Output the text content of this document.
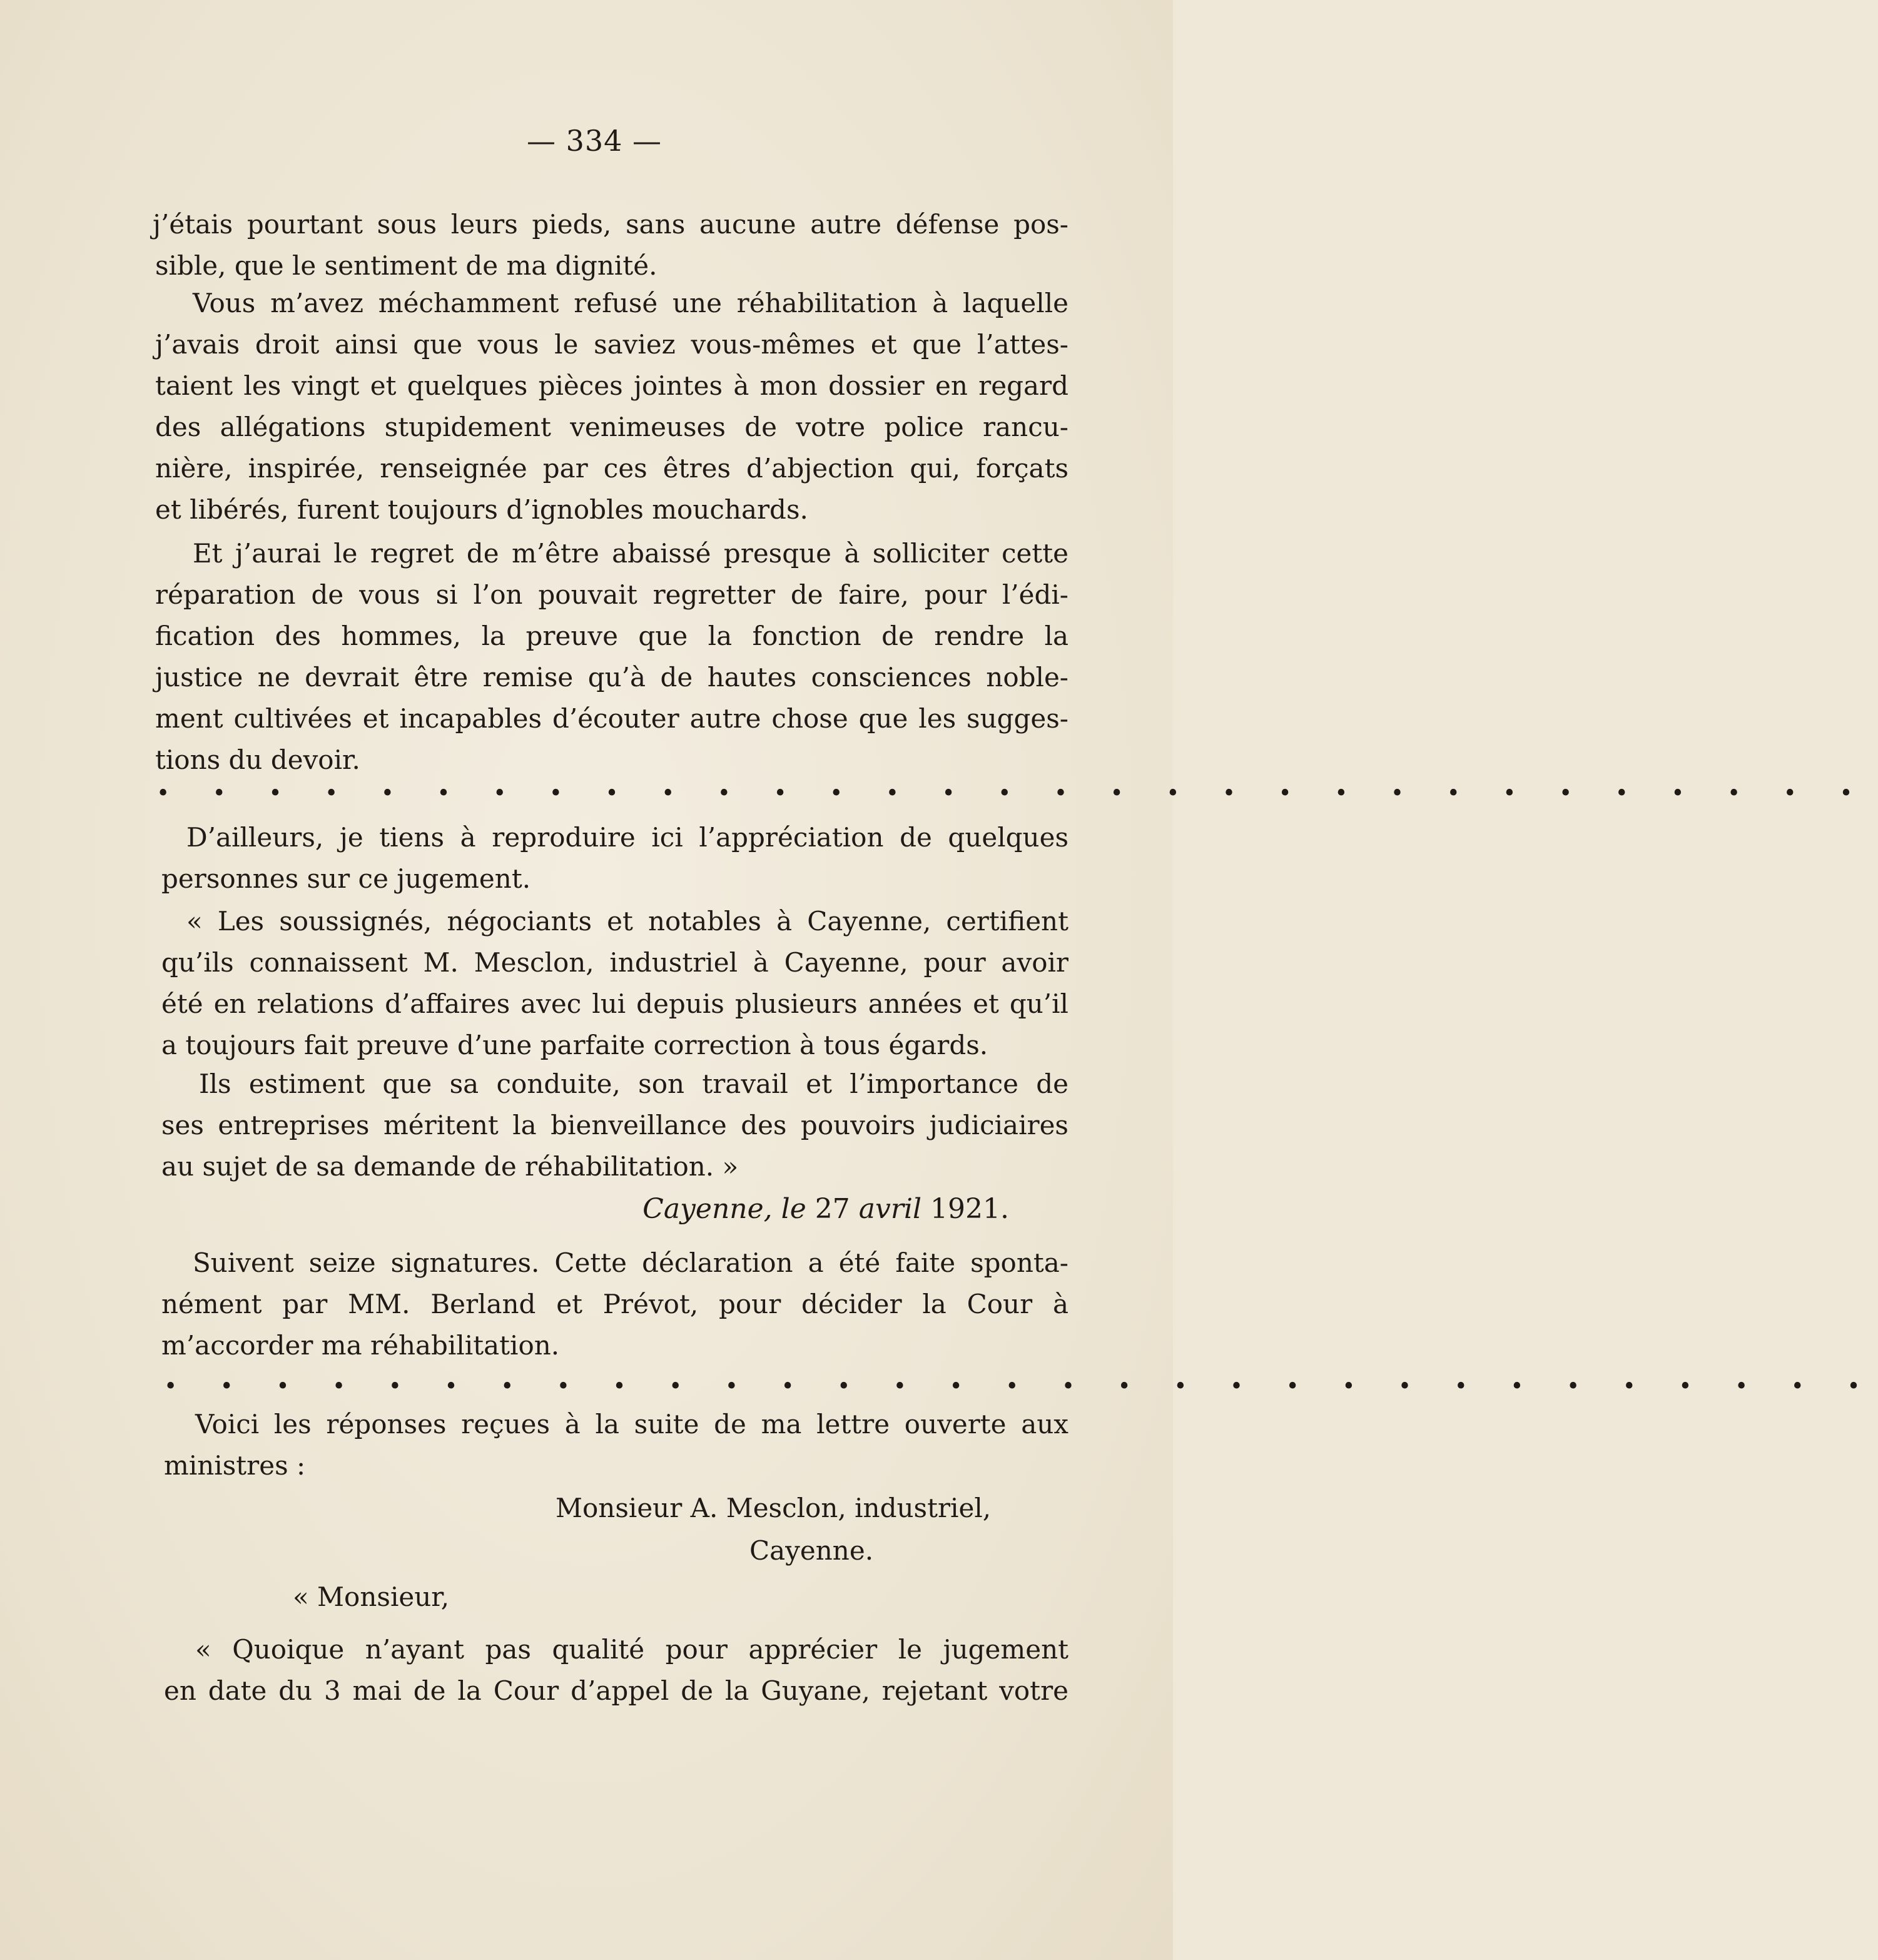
— 334 —
j’étais pourtant sous leurs pieds, sans aucune autre défense pos-
sible, que le sentiment de ma dignité.
Vous m’avez méchamment refusé une réhabilitation à laquelle
j’avais droit ainsi que vous le saviez vous-mêmes et que l’attes-
taient les vingt et quelques pièces jointes à mon dossier en regard
des allégations stupidement venimeuses de votre police rancu-
nière, inspirée, renseignée par ces êtres d’abjection qui, forçats
et libérés, furent toujours d’ignobles mouchards.
Et j’aurai le regret de m’être abaissé presque à solliciter cette
réparation de vous si l’on pouvait regretter de faire, pour l’édi-
fication des hommes, la preuve que la fonction de rendre la
justice ne devrait être remise qu’à de hautes consciences noble-
ment cultivées et incapables d’écouter autre chose que les sugges-
tions du devoir.
• • • • • • • • • • • • • • • • • • • • • • • • • • • • • • •
D’ailleurs, je tiens à reproduire ici l’appréciation de quelques
personnes sur ce jugement.
« Les soussignés, négociants et notables à Cayenne, certifient
qu’ils connaissent M. Mesclon, industriel à Cayenne, pour avoir
été en relations d’affaires avec lui depuis plusieurs années et qu’il
a toujours fait preuve d’une parfaite correction à tous égards.
Ils estiment que sa conduite, son travail et l’importance de
ses entreprises méritent la bienveillance des pouvoirs judiciaires
au sujet de sa demande de réhabilitation. »
Cayenne, le 27 avril 1921.
Suivent seize signatures. Cette déclaration a été faite sponta-
nément par MM. Berland et Prévot, pour décider la Cour à
m’accorder ma réhabilitation.
• • • • • • • • • • • • • • • • • • • • • • • • • • • • • • •
Voici les réponses reçues à la suite de ma lettre ouverte aux
ministres :
Monsieur A. Mesclon, industriel,
Cayenne.
« Monsieur,
« Quoique n’ayant pas qualité pour apprécier le jugement
en date du 3 mai de la Cour d’appel de la Guyane, rejetant votre
